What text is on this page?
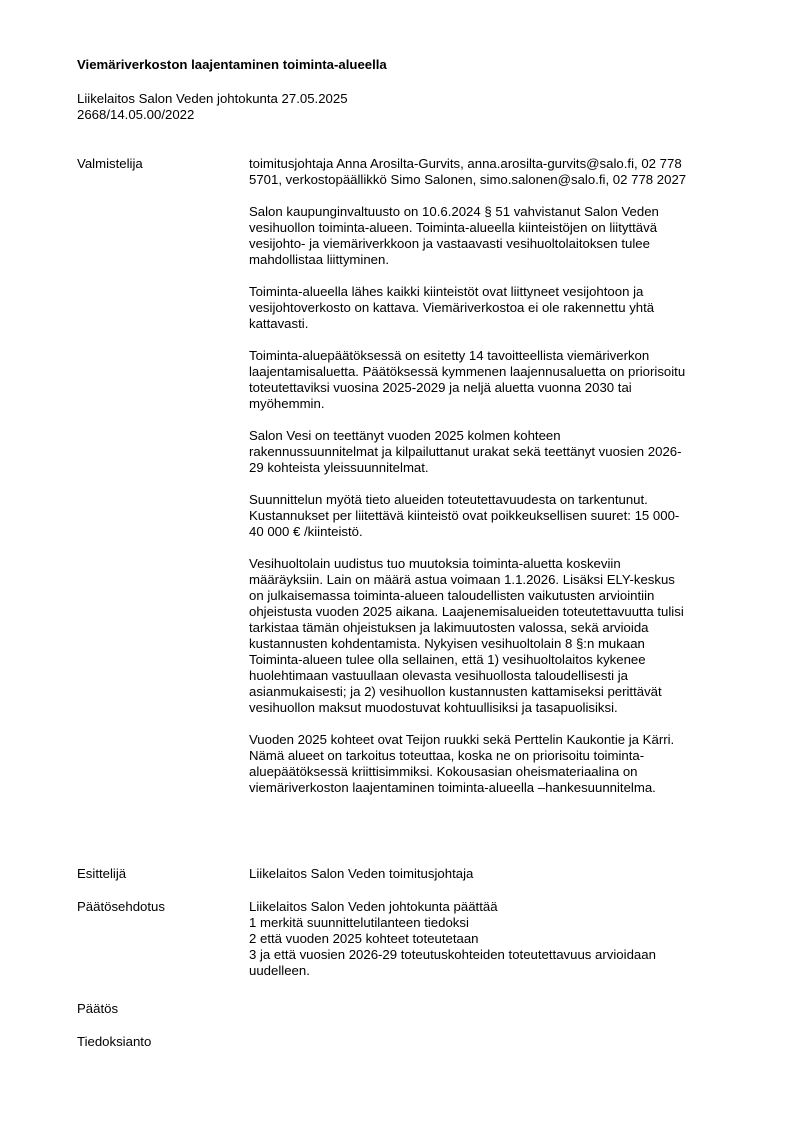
Viemäriverkoston laajentaminen toiminta-alueella
Liikelaitos Salon Veden johtokunta 27.05.2025
2668/14.05.00/2022
Valmistelija	toimitusjohtaja Anna Arosilta-Gurvits, anna.arosilta-gurvits@salo.fi, 02 778
5701, verkostopäällikkö Simo Salonen, simo.salonen@salo.fi, 02 778 2027

Salon kaupunginvaltuusto on 10.6.2024 § 51 vahvistanut Salon Veden
vesihuollon toiminta-alueen. Toiminta-alueella kiinteistöjen on liityttävä
vesijohto- ja viemäriverkkoon ja vastaavasti vesihuoltolaitoksen tulee
mahdollistaa liittyminen.

Toiminta-alueella lähes kaikki kiinteistöt ovat liittyneet vesijohtoon ja
vesijohtoverkosto on kattava. Viemäriverkostoa ei ole rakennettu yhtä
kattavasti.

Toiminta-aluepäätöksessä on esitetty 14 tavoitteellista viemäriverkon
laajentamisaluetta. Päätöksessä kymmenen laajennusaluetta on priorisoitu
toteutettaviksi vuosina 2025-2029 ja neljä aluetta vuonna 2030 tai
myöhemmin.

Salon Vesi on teettänyt vuoden 2025 kolmen kohteen
rakennussuunnitelmat ja kilpailuttanut urakat sekä teettänyt vuosien 2026-
29 kohteista yleissuunnitelmat.

Suunnittelun myötä tieto alueiden toteutettavuudesta on tarkentunut.
Kustannukset per liitettävä kiinteistö ovat poikkeuksellisen suuret: 15 000-
40 000 € /kiinteistö.

Vesihuoltolain uudistus tuo muutoksia toiminta-aluetta koskeviin
määräyksiin. Lain on määrä astua voimaan 1.1.2026. Lisäksi ELY-keskus
on julkaisemassa toiminta-alueen taloudellisten vaikutusten arviointiin
ohjeistusta vuoden 2025 aikana. Laajenemisalueiden toteutettavuutta tulisi
tarkistaa tämän ohjeistuksen ja lakimuutosten valossa, sekä arvioida
kustannusten kohdentamista. Nykyisen vesihuoltolain 8 §:n mukaan
Toiminta-alueen tulee olla sellainen, että 1) vesihuoltolaitos kykenee
huolehtimaan vastuullaan olevasta vesihuollosta taloudellisesti ja
asianmukaisesti; ja 2) vesihuollon kustannusten kattamiseksi perittävät
vesihuollon maksut muodostuvat kohtuullisiksi ja tasapuolisiksi.

Vuoden 2025 kohteet ovat Teijon ruukki sekä Perttelin Kaukontie ja Kärri.
Nämä alueet on tarkoitus toteuttaa, koska ne on priorisoitu toiminta-
aluepäätöksessä kriittisimmiksi. Kokousasian oheismateriaalina on
viemäriverkoston laajentaminen toiminta-alueella –hankesuunnitelma.

Esittelijä	Liikelaitos Salon Veden toimitusjohtaja
Päätösehdotus	Liikelaitos Salon Veden johtokunta päättää
1 merkitä suunnittelutilanteen tiedoksi
2 että vuoden 2025 kohteet toteutetaan
3 ja että vuosien 2026-29 toteutuskohteiden toteutettavuus arvioidaan
uudelleen.
Päätös
Tiedoksianto
